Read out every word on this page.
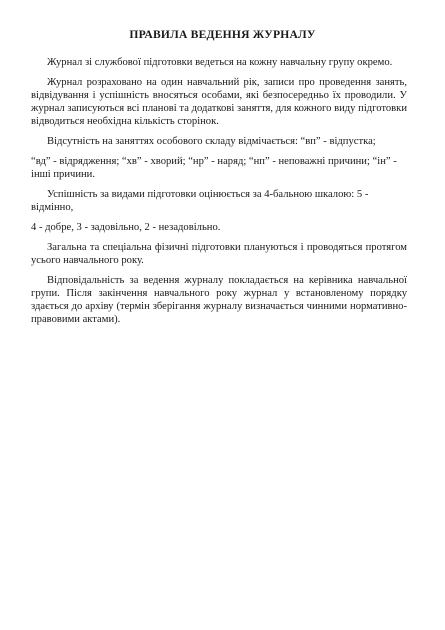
ПРАВИЛА ВЕДЕННЯ ЖУРНАЛУ

Журнал зі службової підготовки ведеться на кожну навчальну групу окремо.

Журнал розраховано на один навчальний рік, записи про проведення занять, відвідування і успішність вносяться особами, які безпосередньо їх проводили. У журнал записуються всі планові та додаткові заняття, для кожного виду підготовки відводиться необхідна кількість сторінок.

Відсутність на заняттях особового складу відмічається: “вп” - відпустка;

“вд” - відрядження; “хв” - хворий; “нр” - наряд; “нп” - неповажні причини; “ін” - інші причини.

Успішність за видами підготовки оцінюється за 4-бальною шкалою: 5 - відмінно,

4 - добре, 3 - задовільно, 2 - незадовільно.

Загальна та спеціальна фізичні підготовки плануються і проводяться протягом усього навчального року.

Відповідальність за ведення журналу покладається на керівника навчальної групи. Після закінчення навчального року журнал у встановленому порядку здається до архіву (термін зберігання журналу визначається чинними нормативно-правовими актами).
